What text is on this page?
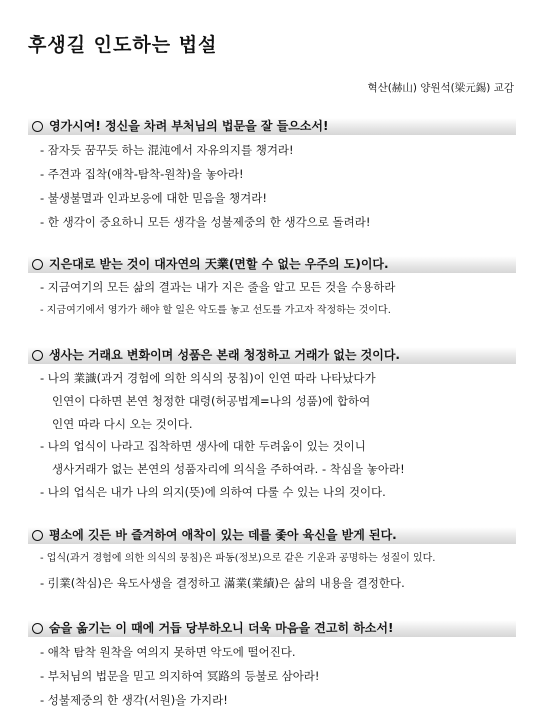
후생길 인도하는 법설
혁산(赫山) 양원석(梁元錫) 교감
영가시여! 정신을 차려 부처님의 법문을 잘 들으소서!
- 잠자듯 꿈꾸듯 하는 混沌에서 자유의지를 챙겨라!
- 주견과 집착(애착-탐착-원착)을 놓아라!
- 불생불멸과 인과보응에 대한 믿음을 챙겨라!
- 한 생각이 중요하니 모든 생각을 성불제중의 한 생각으로 돌려라!
지은대로 받는 것이 대자연의 天業(면할 수 없는 우주의 도)이다.
- 지금여기의 모든 삶의 결과는 내가 지은 줄을 알고 모든 것을 수용하라
- 지금여기에서 영가가 해야 할 일은 악도를 놓고 선도를 가고자 작정하는 것이다.
생사는 거래요 변화이며 성품은 본래 청정하고 거래가 없는 것이다.
- 나의 業識(과거 경험에 의한 의식의 뭉침)이 인연 따라 나타났다가
인연이 다하면 본연 청정한 대령(허공법계=나의 성품)에 합하여
인연 따라 다시 오는 것이다.
- 나의 업식이 나라고 집착하면 생사에 대한 두려움이 있는 것이니
생사거래가 없는 본연의 성품자리에 의식을 주하여라. - 착심을 놓아라!
- 나의 업식은 내가 나의 의지(뜻)에 의하여 다룰 수 있는 나의 것이다.
평소에 깃든 바 즐겨하여 애착이 있는 데를 좇아 육신을 받게 된다.
- 업식(과거 경험에 의한 의식의 뭉침)은 파동(정보)으로 같은 기운과 공명하는 성질이 있다.
- 引業(착심)은 육도사생을 결정하고 滿業(業績)은 삶의 내용을 결정한다.
숨을 옮기는 이 때에 거듭 당부하오니 더욱 마음을 견고히 하소서!
- 애착 탐착 원착을 여의지 못하면 악도에 떨어진다.
- 부처님의 법문을 믿고 의지하여 冥路의 등불로 삼아라!
- 성불제중의 한 생각(서원)을 가지라!
